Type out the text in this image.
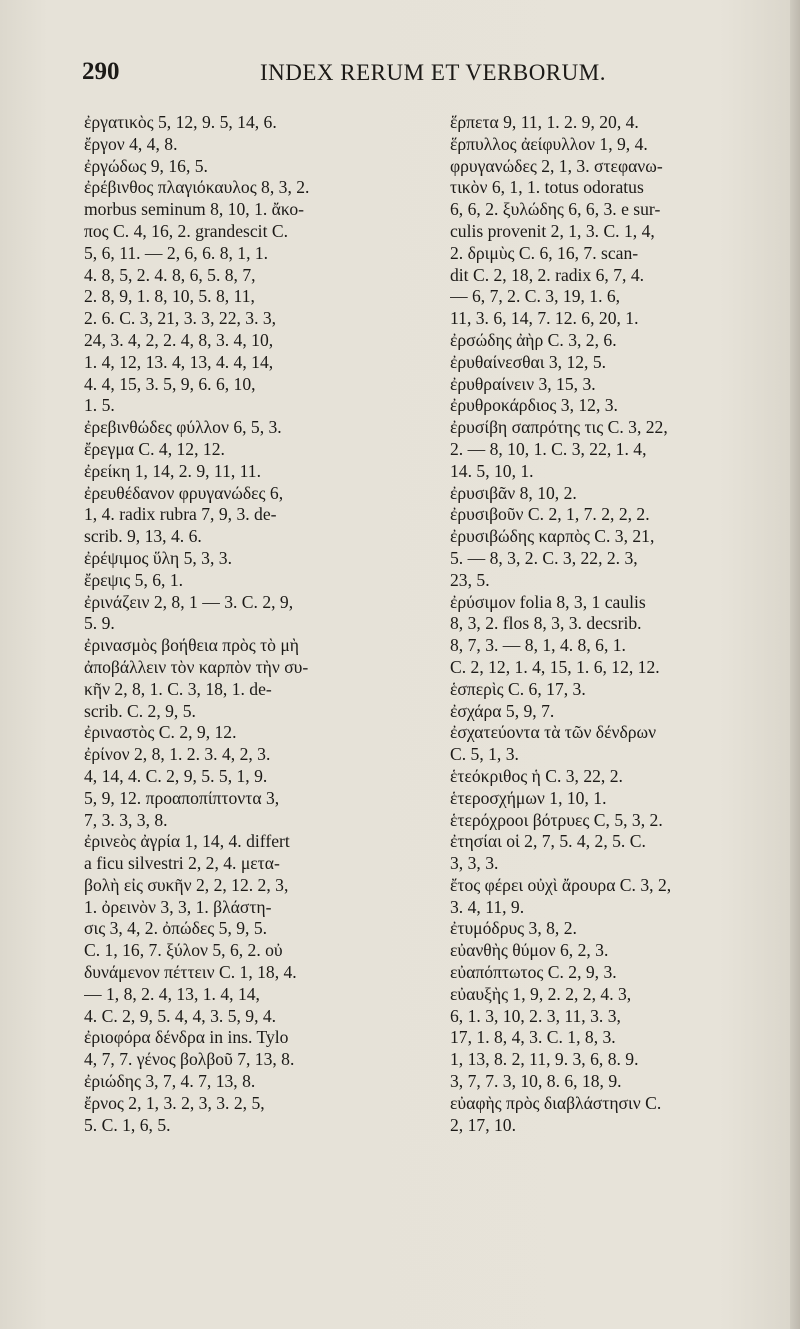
290	INDEX RERUM ET VERBORUM.
ἐργατικὸς 5, 12, 9. 5, 14, 6.
ἔργον 4, 4, 8.
ἐργώδως 9, 16, 5.
ἐρέβινθος πλαγιόκαυλος 8, 3, 2.
morbus seminum 8, 10, 1. ἄκο-
πος C. 4, 16, 2. grandescit C.
5, 6, 11. — 2, 6, 6. 8, 1, 1.
4. 8, 5, 2. 4. 8, 6, 5. 8, 7,
2. 8, 9, 1. 8, 10, 5. 8, 11,
2. 6. C. 3, 21, 3. 3, 22, 3. 3,
24, 3. 4, 2, 2. 4, 8, 3. 4, 10,
1. 4, 12, 13. 4, 13, 4. 4, 14,
4. 4, 15, 3. 5, 9, 6. 6, 10,
1. 5.
ἐρεβινθώδες φύλλον 6, 5, 3.
ἔρεγμα C. 4, 12, 12.
ἐρείκη 1, 14, 2. 9, 11, 11.
ἐρευθέδανον φρυγανώδες 6,
1, 4. radix rubra 7, 9, 3. de-
scrib. 9, 13, 4. 6.
ἐρέψιμος ὕλη 5, 3, 3.
ἔρεψις 5, 6, 1.
ἐρινάζειν 2, 8, 1 — 3. C. 2, 9,
5. 9.
ἐρινασμὸς βοήθεια πρὸς τὸ μὴ
ἀποβάλλειν τὸν καρπὸν τὴν συ-
κῆν 2, 8, 1. C. 3, 18, 1. de-
scrib. C. 2, 9, 5.
ἐριναστὸς C. 2, 9, 12.
ἐρίνον 2, 8, 1. 2. 3. 4, 2, 3.
4, 14, 4. C. 2, 9, 5. 5, 1, 9.
5, 9, 12. προαποπίπτοντα 3,
7, 3. 3, 3, 8.
ἐρινεὸς ἀγρία 1, 14, 4. differt
a ficu silvestri 2, 2, 4. μετα-
βολὴ εἰς συκῆν 2, 2, 12. 2, 3,
1. ὀρεινὸν 3, 3, 1. βλάστη-
σις 3, 4, 2. ὀπώδες 5, 9, 5.
C. 1, 16, 7. ξύλον 5, 6, 2. οὐ
δυνάμενον πέττειν C. 1, 18, 4.
— 1, 8, 2. 4, 13, 1. 4, 14,
4. C. 2, 9, 5. 4, 4, 3. 5, 9, 4.
ἐριοφόρα δένδρα in ins. Tylo
4, 7, 7. γένος βολβοῦ 7, 13, 8.
ἐριώδης 3, 7, 4. 7, 13, 8.
ἔρνος 2, 1, 3. 2, 3, 3. 2, 5,
5. C. 1, 6, 5.
ἕρπετα 9, 11, 1. 2. 9, 20, 4.
ἕρπυλλος ἀείφυλλον 1, 9, 4.
φρυγανώδες 2, 1, 3. στεφανω-
τικὸν 6, 1, 1. totus odoratus
6, 6, 2. ξυλώδης 6, 6, 3. e sur-
culis provenit 2, 1, 3. C. 1, 4,
2. δριμὺς C. 6, 16, 7. scan-
dit C. 2, 18, 2. radix 6, 7, 4.
— 6, 7, 2. C. 3, 19, 1. 6,
11, 3. 6, 14, 7. 12. 6, 20, 1.
ἐρσώδης ἀὴρ C. 3, 2, 6.
ἐρυθαίνεσθαι 3, 12, 5.
ἐρυθραίνειν 3, 15, 3.
ἐρυθροκάρδιος 3, 12, 3.
ἐρυσίβη σαπρότης τις C. 3, 22,
2. — 8, 10, 1. C. 3, 22, 1. 4,
14. 5, 10, 1.
ἐρυσιβᾶν 8, 10, 2.
ἐρυσιβοῦν C. 2, 1, 7. 2, 2, 2.
ἐρυσιβώδης καρπὸς C. 3, 21,
5. — 8, 3, 2. C. 3, 22, 2. 3,
23, 5.
ἐρύσιμον folia 8, 3, 1 caulis
8, 3, 2. flos 8, 3, 3. decsrib.
8, 7, 3. — 8, 1, 4. 8, 6, 1.
C. 2, 12, 1. 4, 15, 1. 6, 12, 12.
ἑσπερὶς C. 6, 17, 3.
ἐσχάρα 5, 9, 7.
ἐσχατεύοντα τὰ τῶν δένδρων
C. 5, 1, 3.
ἑτεόκριθος ἡ C. 3, 22, 2.
ἑτεροσχήμων 1, 10, 1.
ἑτερόχροοι βότρυες C, 5, 3, 2.
ἐτησίαι οἱ 2, 7, 5. 4, 2, 5. C.
3, 3, 3.
ἔτος φέρει οὐχὶ ἄρουρα C. 3, 2,
3. 4, 11, 9.
ἐτυμόδρυς 3, 8, 2.
εὐανθὴς θύμον 6, 2, 3.
εὐαπόπτωτος C. 2, 9, 3.
εὐαυξὴς 1, 9, 2. 2, 2, 4. 3,
6, 1. 3, 10, 2. 3, 11, 3. 3,
17, 1. 8, 4, 3. C. 1, 8, 3.
1, 13, 8. 2, 11, 9. 3, 6, 8. 9.
3, 7, 7. 3, 10, 8. 6, 18, 9.
εὐαφὴς πρὸς διαβλάστησιν C.
2, 17, 10.
